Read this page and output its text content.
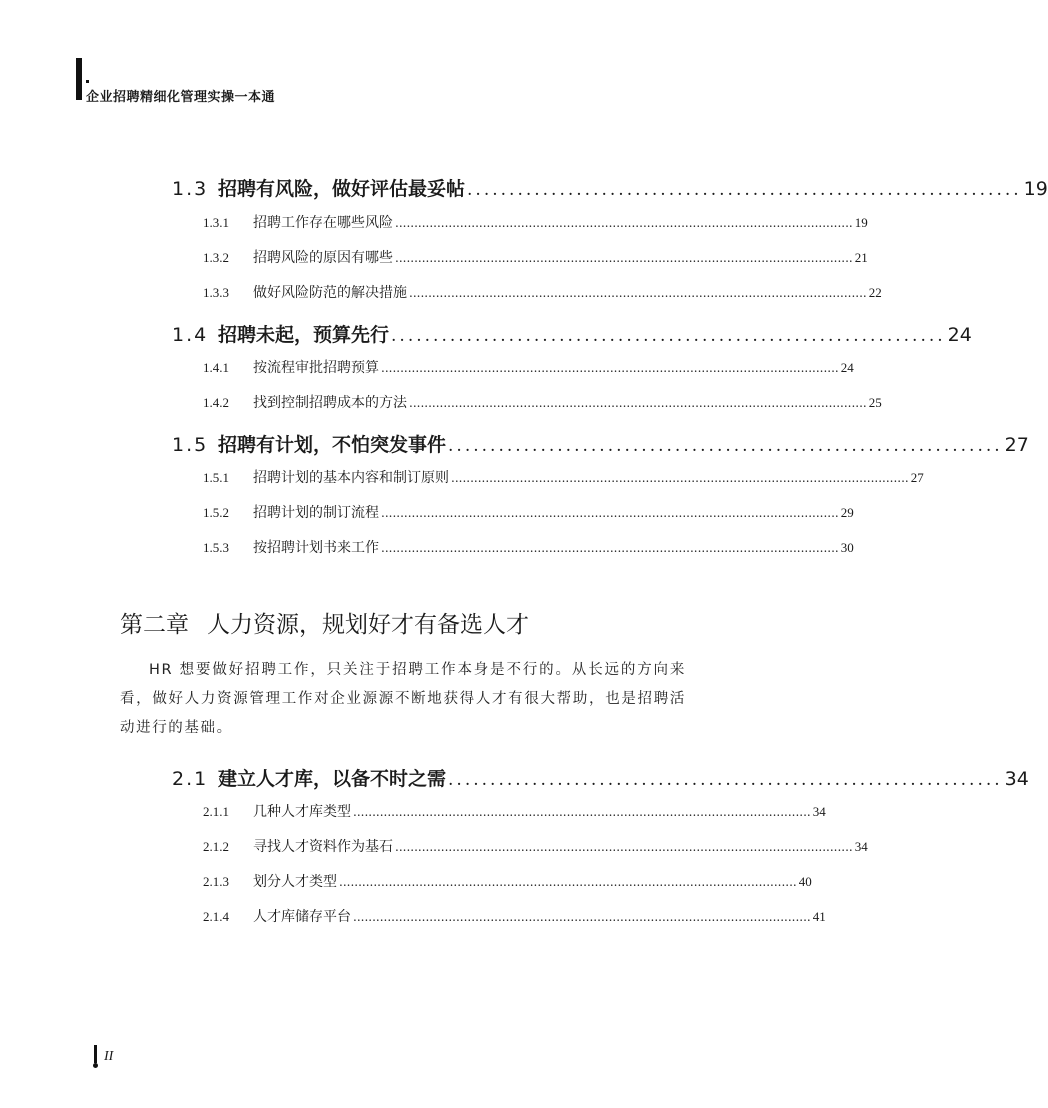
企业招聘精细化管理实操一本通
1.3 招聘有风险，做好评估最妥帖 .................................................................. 19
1.3.1 招聘工作存在哪些风险 ........................................................................................................................ 19
1.3.2 招聘风险的原因有哪些 ........................................................................................................................ 21
1.3.3 做好风险防范的解决措施 ........................................................................................................................ 22
1.4 招聘未起，预算先行 .................................................................. 24
1.4.1 按流程审批招聘预算 ........................................................................................................................ 24
1.4.2 找到控制招聘成本的方法 ........................................................................................................................ 25
1.5 招聘有计划，不怕突发事件 .................................................................. 27
1.5.1 招聘计划的基本内容和制订原则 ........................................................................................................................ 27
1.5.2 招聘计划的制订流程 ........................................................................................................................ 29
1.5.3 按招聘计划书来工作 ........................................................................................................................ 30
第二章 人力资源，规划好才有备选人才
HR 想要做好招聘工作，只关注于招聘工作本身是不行的。从长远的方向来看，做好人力资源管理工作对企业源源不断地获得人才有很大帮助，也是招聘活动进行的基础。
2.1 建立人才库，以备不时之需 .................................................................. 34
2.1.1 几种人才库类型 ........................................................................................................................ 34
2.1.2 寻找人才资料作为基石 ........................................................................................................................ 34
2.1.3 划分人才类型 ........................................................................................................................ 40
2.1.4 人才库储存平台 ........................................................................................................................ 41
II
